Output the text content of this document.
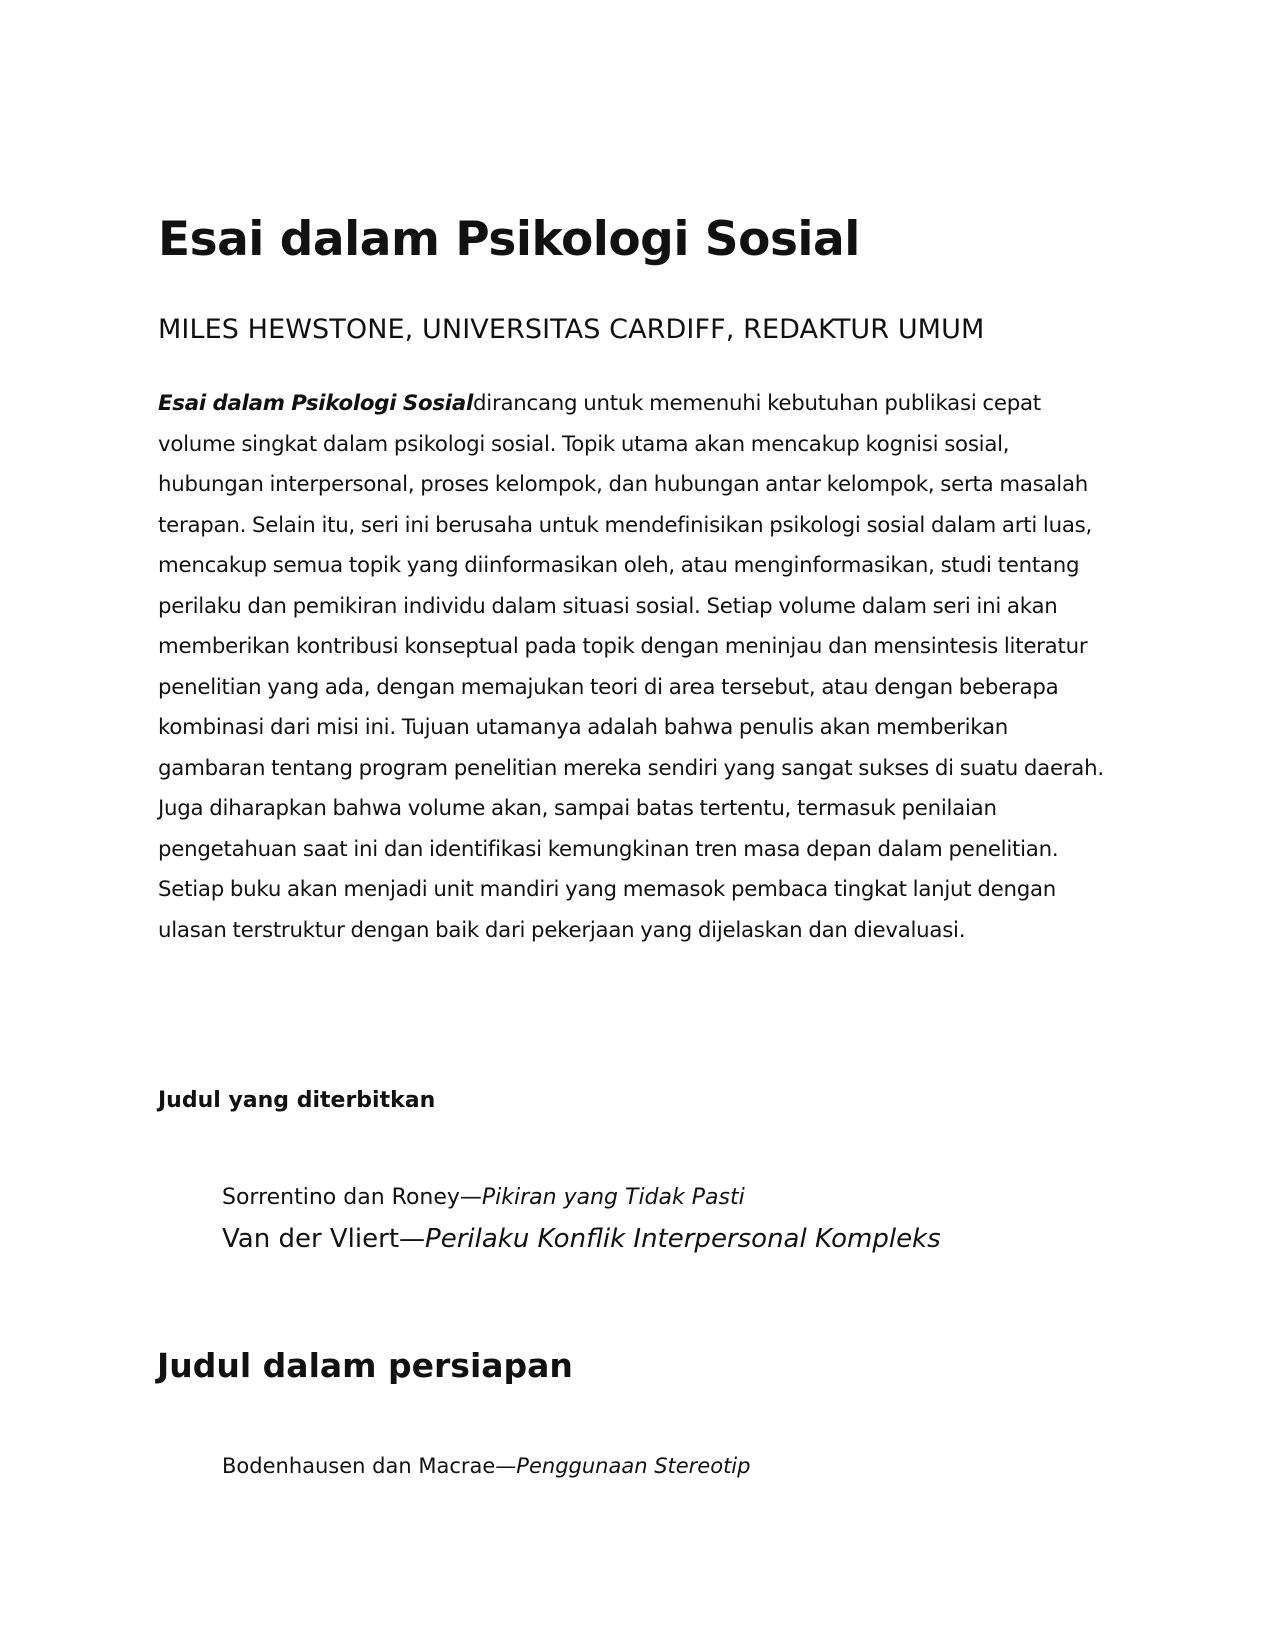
Esai dalam Psikologi Sosial
MILES HEWSTONE, UNIVERSITAS CARDIFF, REDAKTUR UMUM

Esai dalam Psikologi Sosialdirancang untuk memenuhi kebutuhan publikasi cepat volume singkat dalam psikologi sosial. Topik utama akan mencakup kognisi sosial, hubungan interpersonal, proses kelompok, dan hubungan antar kelompok, serta masalah terapan. Selain itu, seri ini berusaha untuk mendefinisikan psikologi sosial dalam arti luas, mencakup semua topik yang diinformasikan oleh, atau menginformasikan, studi tentang perilaku dan pemikiran individu dalam situasi sosial. Setiap volume dalam seri ini akan memberikan kontribusi konseptual pada topik dengan meninjau dan mensintesis literatur penelitian yang ada, dengan memajukan teori di area tersebut, atau dengan beberapa kombinasi dari misi ini. Tujuan utamanya adalah bahwa penulis akan memberikan gambaran tentang program penelitian mereka sendiri yang sangat sukses di suatu daerah. Juga diharapkan bahwa volume akan, sampai batas tertentu, termasuk penilaian pengetahuan saat ini dan identifikasi kemungkinan tren masa depan dalam penelitian. Setiap buku akan menjadi unit mandiri yang memasok pembaca tingkat lanjut dengan ulasan terstruktur dengan baik dari pekerjaan yang dijelaskan dan dievaluasi.

Judul yang diterbitkan
Sorrentino dan Roney—Pikiran yang Tidak Pasti
Van der Vliert—Perilaku Konflik Interpersonal Kompleks
Judul dalam persiapan
Bodenhausen dan Macrae—Penggunaan Stereotip
